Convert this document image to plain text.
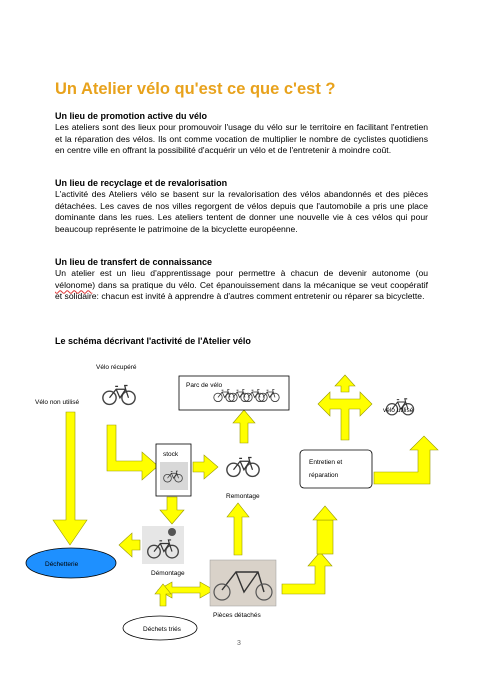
Un Atelier vélo qu'est ce que c'est ?
Un lieu de promotion active du vélo
Les ateliers sont des lieux pour promouvoir l'usage du vélo sur le territoire en facilitant l'entretien et la réparation des vélos. Ils ont comme vocation de multiplier le nombre de cyclistes quotidiens en centre ville en offrant la possibilité d'acquérir un vélo et de l'entretenir à moindre coût.
Un lieu de recyclage et de revalorisation
L'activité des Ateliers vélo se basent sur la revalorisation des vélos abandonnés et des pièces détachées. Les caves de nos villes regorgent de vélos depuis que l'automobile a pris une place dominante dans les rues. Les ateliers tentent de donner une nouvelle vie à ces vélos qui pour beaucoup représente le patrimoine de la bicyclette européenne.
Un lieu de transfert de connaissance
Un atelier est un lieu d'apprentissage pour permettre à chacun de devenir autonome (ou vélonome) dans sa pratique du vélo. Cet épanouissement dans la mécanique se veut coopératif et solidaire: chacun est invité à apprendre à d'autres comment entretenir ou réparer sa bicyclette.
Le schéma décrivant l'activité de l'Atelier vélo
Parc de vélo
Vélo récupéré
Vélo non utilisé
vélo utilisé
stock
Remontage
Entretien et
réparation
Déchetterie
Démontage
Pièces détachés
Déchets triés
3
